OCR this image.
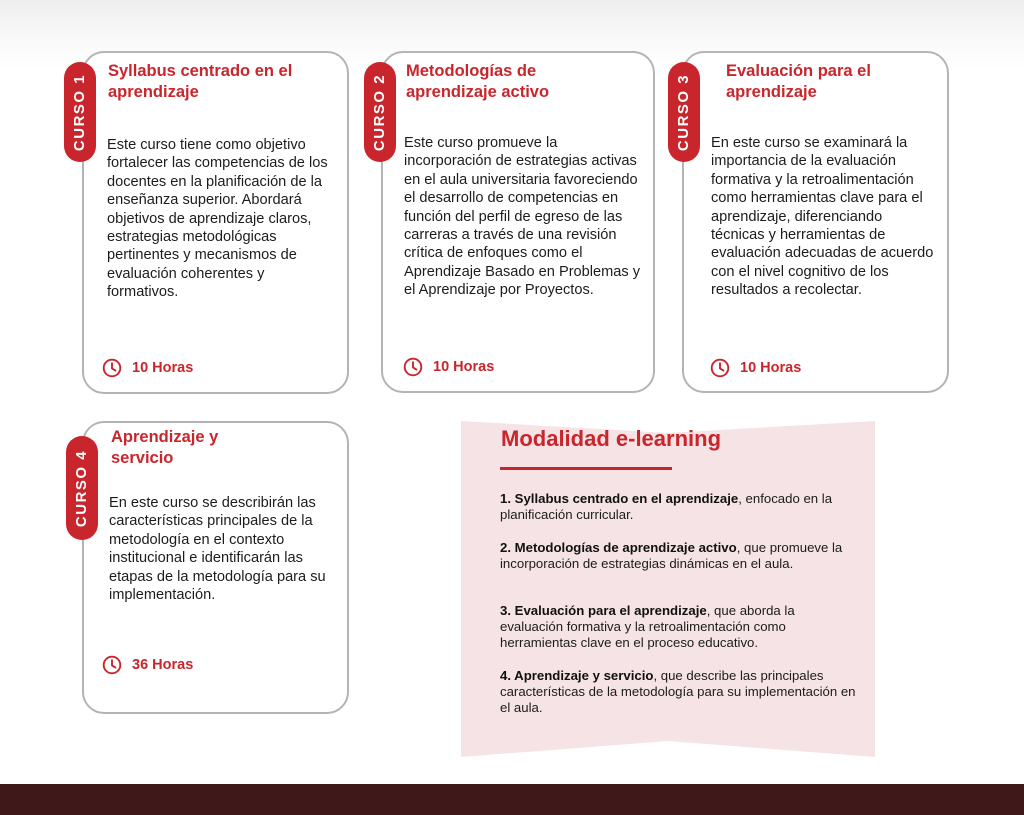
CURSO 1
Syllabus centrado en el aprendizaje
Este curso tiene como objetivo fortalecer las competencias de los docentes en la planificación de la enseñanza superior. Abordará objetivos de aprendizaje claros, estrategias metodológicas pertinentes y mecanismos de evaluación coherentes y formativos.
10 Horas
CURSO 2
Metodologías de aprendizaje activo
Este curso promueve la incorporación de estrategias activas en el aula universitaria favoreciendo el desarrollo de competencias en función del perfil de egreso de las carreras a través de una revisión crítica de enfoques como el Aprendizaje Basado en Problemas y el Aprendizaje por Proyectos.
10 Horas
CURSO 3
Evaluación para el aprendizaje
En este curso se examinará la importancia de la evaluación formativa y la retroalimentación como herramientas clave para el aprendizaje, diferenciando técnicas y herramientas de evaluación adecuadas de acuerdo con el nivel cognitivo de los resultados a recolectar.
10 Horas
CURSO 4
Aprendizaje y servicio
En este curso se describirán las características principales de la metodología en el contexto institucional e identificarán las etapas de la metodología para su implementación.
36 Horas
Modalidad e-learning
1. Syllabus centrado en el aprendizaje, enfocado en la planificación curricular.
2. Metodologías de aprendizaje activo, que promueve la incorporación de estrategias dinámicas en el aula.
3. Evaluación para el aprendizaje, que aborda la evaluación formativa y la retroalimentación como herramientas clave en el proceso educativo.
4. Aprendizaje y servicio, que describe las principales características de la metodología para su implementación en el aula.
